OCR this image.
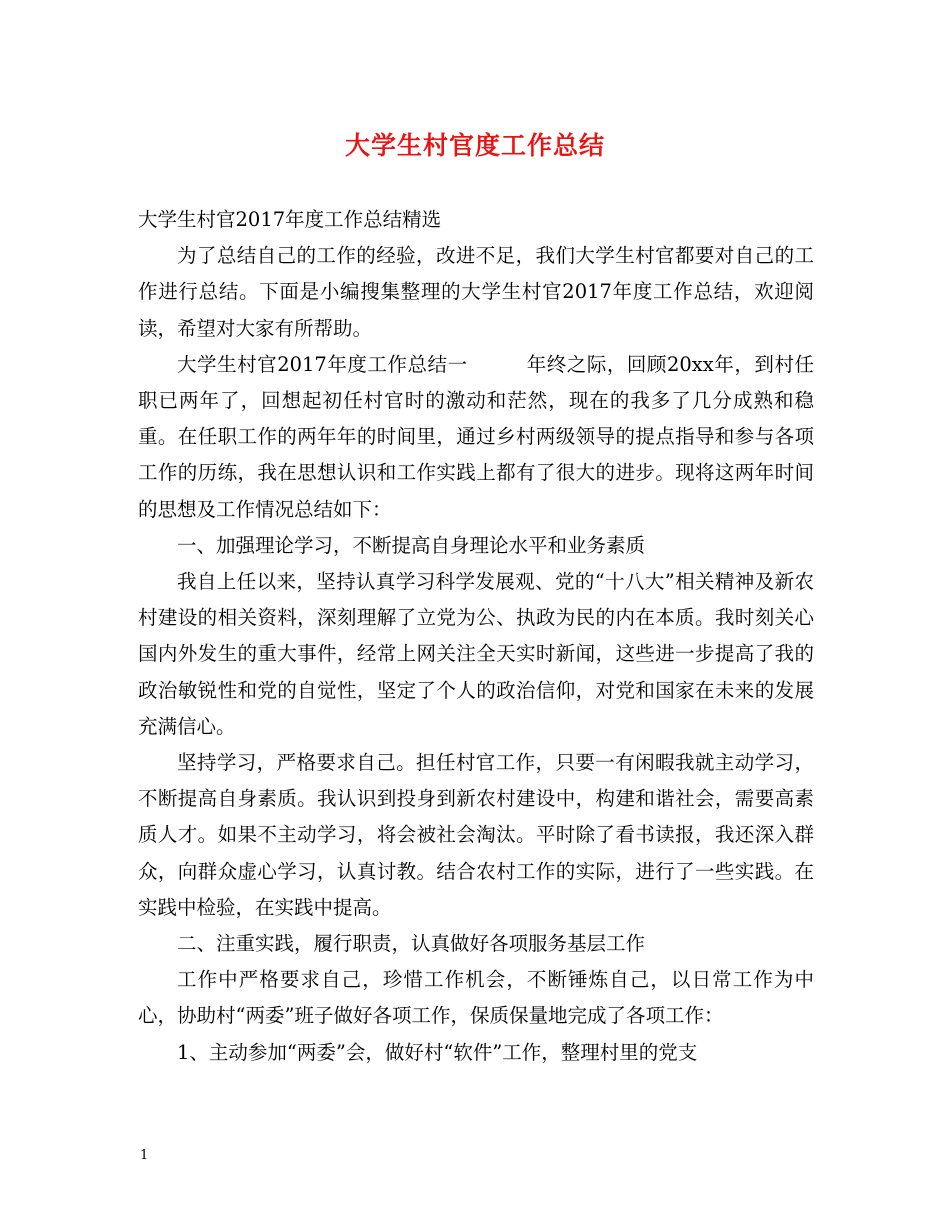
大学生村官度工作总结

大学生村官2017年度工作总结精选

为了总结自己的工作的经验，改进不足，我们大学生村官都要对自己的工作进行总结。下面是小编搜集整理的大学生村官2017年度工作总结，欢迎阅读，希望对大家有所帮助。

大学生村官2017年度工作总结一	年终之际，回顾20xx年，到村任职已两年了，回想起初任村官时的激动和茫然，现在的我多了几分成熟和稳重。在任职工作的两年年的时间里，通过乡村两级领导的提点指导和参与各项工作的历练，我在思想认识和工作实践上都有了很大的进步。现将这两年时间的思想及工作情况总结如下：

一、加强理论学习，不断提高自身理论水平和业务素质

我自上任以来，坚持认真学习科学发展观、党的“十八大”相关精神及新农村建设的相关资料，深刻理解了立党为公、执政为民的内在本质。我时刻关心国内外发生的重大事件，经常上网关注全天实时新闻，这些进一步提高了我的政治敏锐性和党的自觉性，坚定了个人的政治信仰，对党和国家在未来的发展充满信心。

坚持学习，严格要求自己。担任村官工作，只要一有闲暇我就主动学习，不断提高自身素质。我认识到投身到新农村建设中，构建和谐社会，需要高素质人才。如果不主动学习，将会被社会淘汰。平时除了看书读报，我还深入群众，向群众虚心学习，认真讨教。结合农村工作的实际，进行了一些实践。在实践中检验，在实践中提高。

二、注重实践，履行职责，认真做好各项服务基层工作

工作中严格要求自己，珍惜工作机会，不断锤炼自己，以日常工作为中心，协助村“两委”班子做好各项工作，保质保量地完成了各项工作：

1、主动参加“两委”会，做好村“软件”工作，整理村里的党支

1
